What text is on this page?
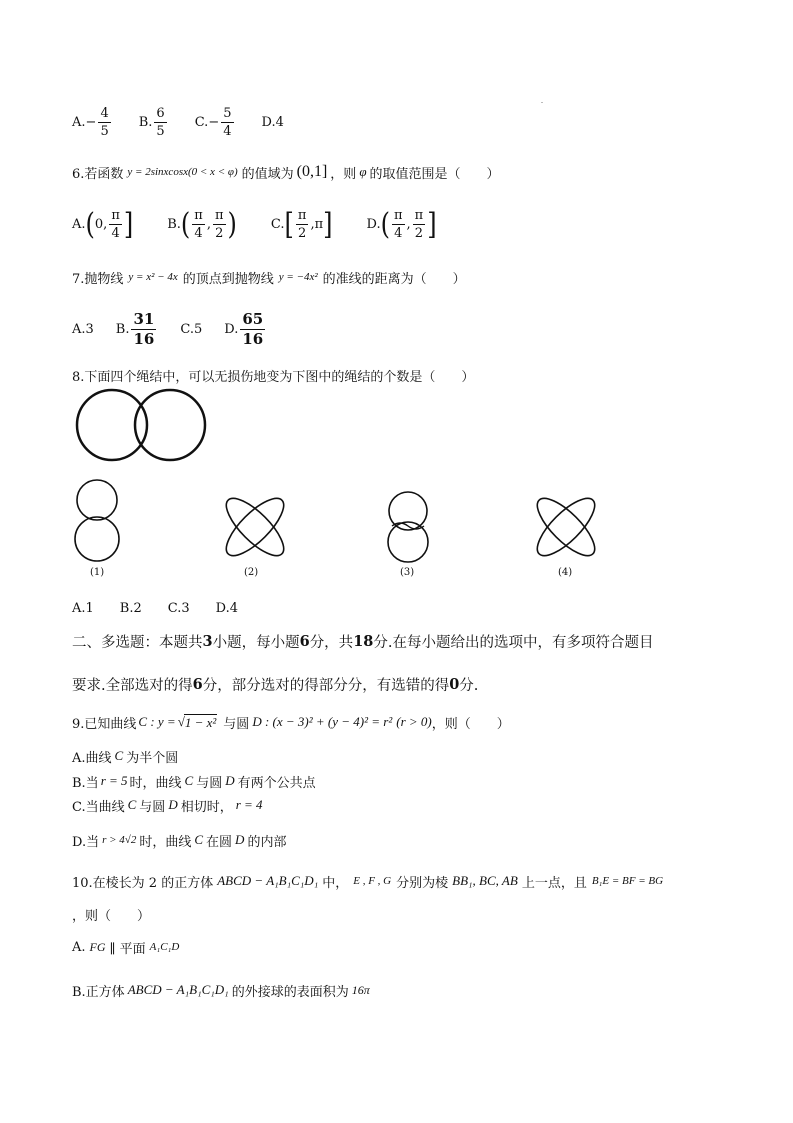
A. − $\frac{4}{5} B$. $\frac{6}{5} C$. − $\frac{5}{4} D.4$
6.若函数 y = 2sinxcosx(0 < x < φ) 的值域为 (0,1] ，则 φ 的取值范围是（　　）
A. ( 0, $\frac{\pi}{4}$ ]	B. ( $\frac{\pi}{4}$ , $\frac{\pi}{2}$ )	C. [ $\frac{\pi}{2}$ , π ]	D. ( $\frac{\pi}{4}$ , $\frac{\pi}{2}$ ]
7.抛物线 y = x² − 4x 的顶点到抛物线 y = −4x² 的准线的距离为（　　）
A.3 B. $\frac{31}{16} C.5$ D. $\frac{65}{16}$
8.下面四个绳结中，可以无损伤地变为下图中的绳结的个数是（　　）
(1)	(2)	(3)	(4)
A.1　　B.2　　C.3　　D.4
二、多选题：本题共 3 小题，每小题 6 分，共 18 分.在每小题给出的选项中，有多项符合题目
要求.全部选对的得 6 分，部分选对的得部分分，有选错的得 0 分.
9.已知曲线 C : y = √ 1 − x² 与圆 D : (x − 3)² + (y − 4)² = r² (r > 0) ，则（　　）
A.曲线 C 为半个圆
B.当 r = 5 时，曲线 C 与圆 D 有两个公共点
C.当曲线 C 与圆 D 相切时， r = 4
D.当 r > 4√2 时，曲线 C 在圆 D 的内部
10.在棱长为 2 的正方体 ABCD − A₁B₁C₁D₁ 中， E , F , G 分别为棱 BB₁, BC, AB 上一点，且 B₁E = BF = BG
，则（　　）
A. FG ∥ 平面 A₁C₁D
B.正方体 ABCD − A₁B₁C₁D₁ 的外接球的表面积为 16π
